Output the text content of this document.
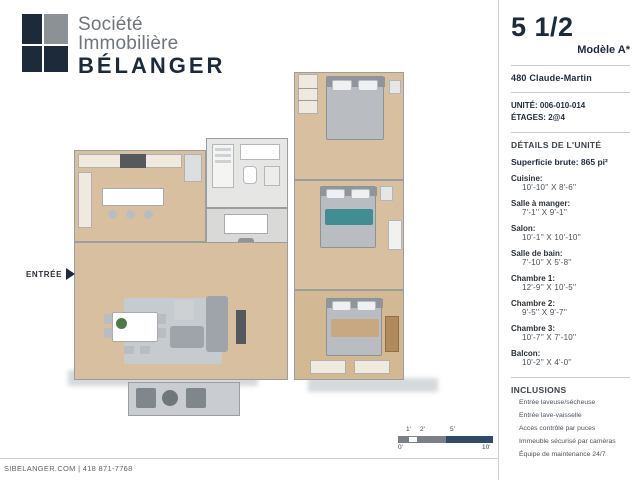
Société
Immobilière
BÉLANGER
5 1/2
Modèle A*
480 Claude-Martin
UNITÉ: 006-010-014
ÉTAGES: 2@4
DÉTAILS DE L'UNITÉ
Superficie brute: 865 pi²
Cuisine:
10'-10'' X 8'-6''
Salle à manger:
7'-1'' X 9'-1''
Salon:
10'-1'' X 10'-10''
Salle de bain:
7'-10'' X 5'-8''
Chambre 1:
12'-9'' X 10'-5''
Chambre 2:
9'-5'' X 9'-7''
Chambre 3:
10'-7'' X 7'-10''
Balcon:
10'-2'' X 4'-0''
INCLUSIONS
Entrée laveuse/sécheuse
Entrée lave-vaisselle
Accès contrôlé par puces
Immeuble sécurisé par caméras
Équipe de maintenance 24/7
ENTRÉE
1' 2'	5'
0'	10'
SIBELANGER.COM | 418 871-7768
